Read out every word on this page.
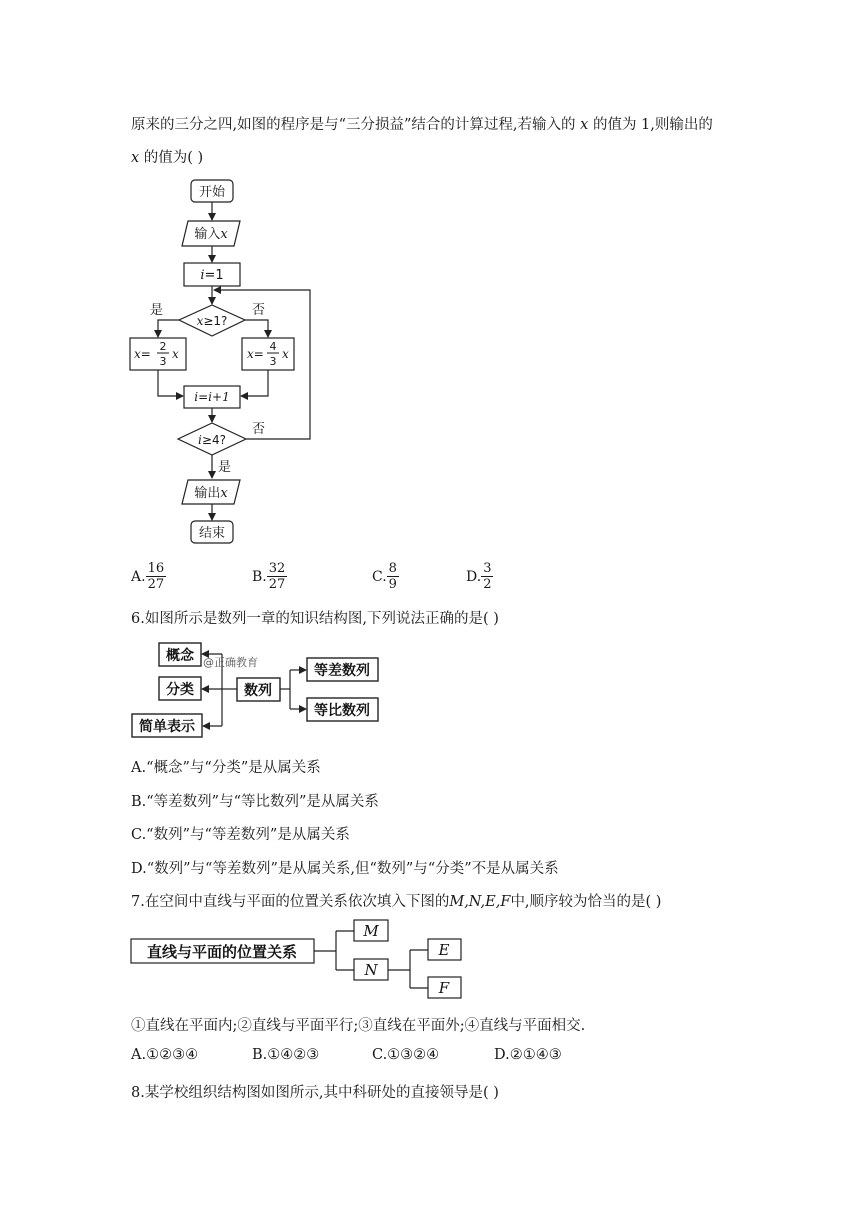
原来的三分之四,如图的程序是与“三分损益”结合的计算过程,若输入的 x 的值为 1,则输出的
x 的值为( )
开始
输入x
i=1
x≥1?
是	否
x=
2
3
x	x=
4
3
x
i=i+1
i≥4?
否
是
输出x
结束
A. $\frac{16}{27}$	B. $\frac{32}{27}$	C. $\frac{8}{9}$	D. $\frac{3}{2}$
6.如图所示是数列一章的知识结构图,下列说法正确的是( )
概念
分类
简单表示
数列
等差数列
等比数列
@正确教育
A.“概念”与“分类”是从属关系
B.“等差数列”与“等比数列”是从属关系
C.“数列”与“等差数列”是从属关系
D.“数列”与“等差数列”是从属关系,但“数列”与“分类”不是从属关系
7.在空间中直线与平面的位置关系依次填入下图的M,N,E,F中,顺序较为恰当的是( )
直线与平面的位置关系
M
N
E
F
①直线在平面内;②直线与平面平行;③直线在平面外;④直线与平面相交.
A.①②③④	B.①④②③	C.①③②④	D.②①④③
8.某学校组织结构图如图所示,其中科研处的直接领导是( )
